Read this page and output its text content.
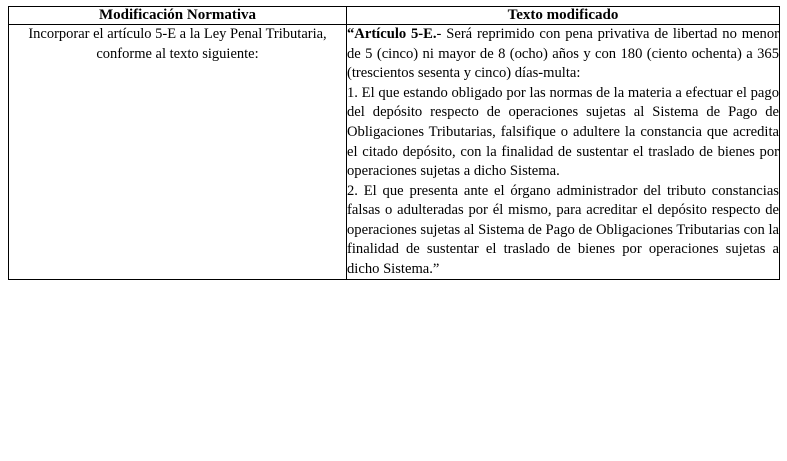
Modificación Normativa	Texto modificado

Incorporar el artículo 5-E a la Ley Penal Tributaria, conforme al texto siguiente:	“Artículo 5-E.- Será reprimido con pena privativa de libertad no menor de 5 (cinco) ni mayor de 8 (ocho) años y con 180 (ciento ochenta) a 365 (trescientos sesenta y cinco) días-multa:

1. El que estando obligado por las normas de la materia a efectuar el pago del depósito respecto de operaciones sujetas al Sistema de Pago de Obligaciones Tributarias, falsifique o adultere la constancia que acredita el citado depósito, con la finalidad de sustentar el traslado de bienes por operaciones sujetas a dicho Sistema.

2. El que presenta ante el órgano administrador del tributo constancias falsas o adulteradas por él mismo, para acreditar el depósito respecto de operaciones sujetas al Sistema de Pago de Obligaciones Tributarias con la finalidad de sustentar el traslado de bienes por operaciones sujetas a dicho Sistema.”
